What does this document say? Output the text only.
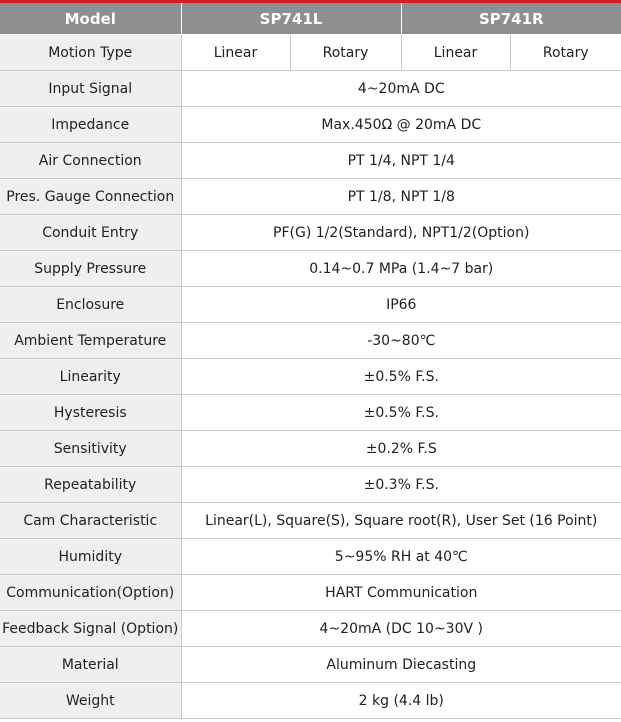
Model	SP741L		SP741R	
Motion Type	Linear	Rotary	Linear	Rotary
Input Signal	4~20mA DC			
Impedance	Max.450Ω @ 20mA DC			
Air Connection	PT 1/4, NPT 1/4			
Pres. Gauge Connection	PT 1/8, NPT 1/8			
Conduit Entry	PF(G) 1/2(Standard), NPT1/2(Option)			
Supply Pressure	0.14~0.7 MPa (1.4~7 bar)			
Enclosure	IP66			
Ambient Temperature	-30~80℃			
Linearity	±0.5% F.S.			
Hysteresis	±0.5% F.S.			
Sensitivity	±0.2% F.S			
Repeatability	±0.3% F.S.			
Cam Characteristic	Linear(L), Square(S), Square root(R), User Set (16 Point)			
Humidity	5~95% RH at 40℃			
Communication(Option)	HART Communication			
Feedback Signal (Option)	4~20mA (DC 10~30V )			
Material	Aluminum Diecasting			
Weight	2 kg (4.4 lb)			
